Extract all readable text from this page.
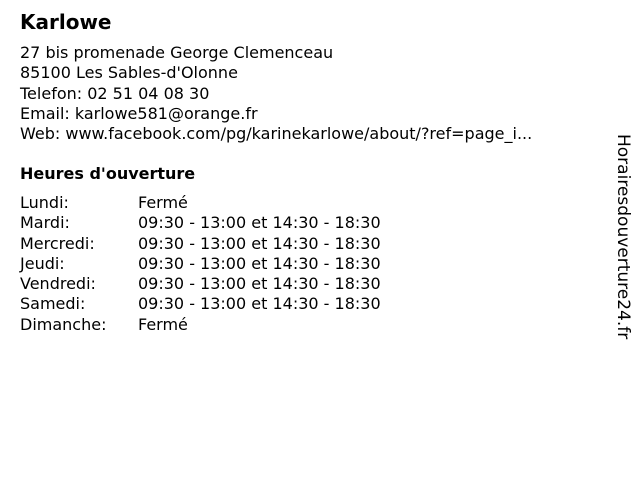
Karlowe
27 bis promenade George Clemenceau
85100 Les Sables-d'Olonne
Telefon: 02 51 04 08 30
Email: karlowe581@orange.fr
Web: www.facebook.com/pg/karinekarlowe/about/?ref=page_i...
Heures d'ouverture
Lundi:	Fermé
Mardi:	09:30 - 13:00 et 14:30 - 18:30
Mercredi:	09:30 - 13:00 et 14:30 - 18:30
Jeudi:	09:30 - 13:00 et 14:30 - 18:30
Vendredi:	09:30 - 13:00 et 14:30 - 18:30
Samedi:	09:30 - 13:00 et 14:30 - 18:30
Dimanche: Fermé	Horairesdouverture24.fr
